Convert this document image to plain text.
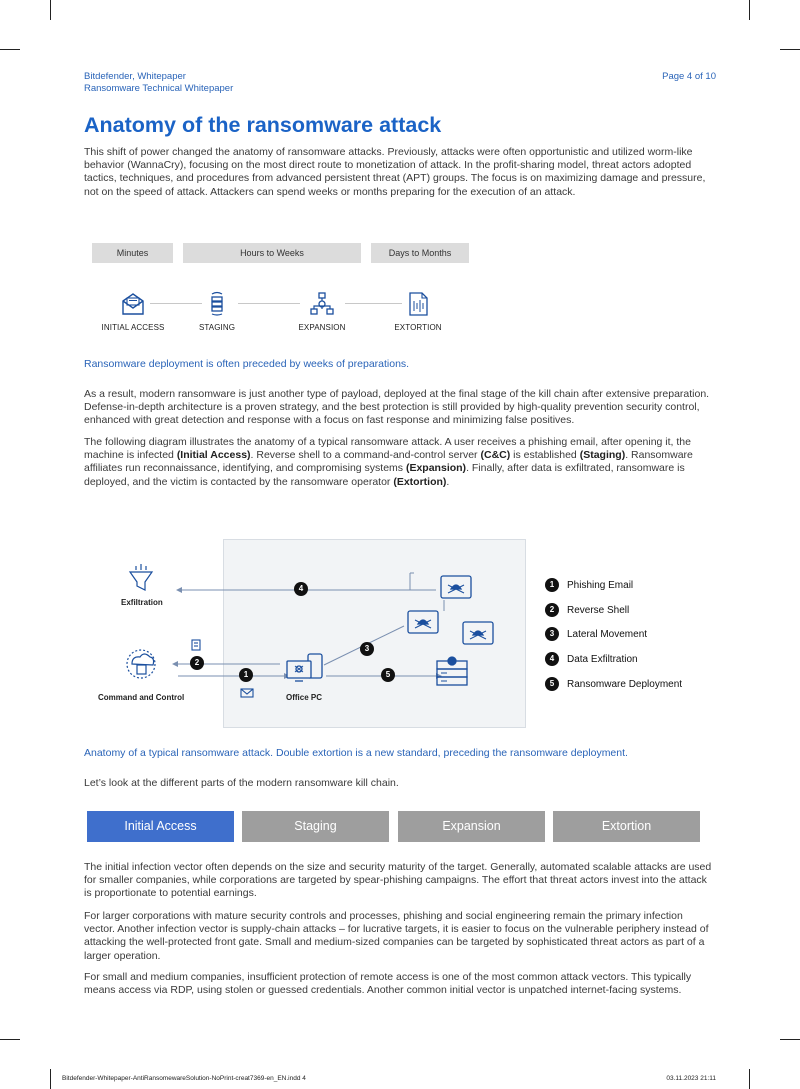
Bitdefender, Whitepaper
Ransomware Technical Whitepaper
Page 4 of 10
Anatomy of the ransomware attack

This shift of power changed the anatomy of ransomware attacks. Previously, attacks were often opportunistic and utilized worm-like behavior (WannaCry), focusing on the most direct route to monetization of attack. In the profit-sharing model, threat actors adopted tactics, techniques, and procedures from advanced persistent threat (APT) groups. The focus is on maximizing damage and pressure, not on the speed of attack. Attackers can spend weeks or months preparing for the execution of an attack.

Minutes	Hours to Weeks	Days to Months
INITIAL ACCESS	STAGING	EXPANSION	EXTORTION
Ransomware deployment is often preceded by weeks of preparations.

As a result, modern ransomware is just another type of payload, deployed at the final stage of the kill chain after extensive preparation. Defense-in-depth architecture is a proven strategy, and the best protection is still provided by high-quality prevention security control, enhanced with great detection and response with a focus on fast response and minimizing false positives.

The following diagram illustrates the anatomy of a typical ransomware attack. A user receives a phishing email, after opening it, the machine is infected (Initial Access). Reverse shell to a command-and-control server (C&C) is established (Staging). Ransomware affiliates run reconnaissance, identifying, and compromising systems (Expansion). Finally, after data is exfiltrated, ransomware is deployed, and the victim is contacted by the ransomware operator (Extortion).

Exfiltration
Command and Control	Office PC
1
2
3
4
5
1	Phishing Email
2	Reverse Shell
3	Lateral Movement
4	Data Exfiltration
5	Ransomware Deployment
Anatomy of a typical ransomware attack. Double extortion is a new standard, preceding the ransomware deployment.

Let’s look at the different parts of the modern ransomware kill chain.

Initial Access	Staging	Expansion	Extortion

The initial infection vector often depends on the size and security maturity of the target. Generally, automated scalable attacks are used for smaller companies, while corporations are targeted by spear-phishing campaigns. The effort that threat actors invest into the attack is proportionate to potential earnings.

For larger corporations with mature security controls and processes, phishing and social engineering remain the primary infection vector. Another infection vector is supply-chain attacks – for lucrative targets, it is easier to focus on the vulnerable periphery instead of attacking the well-protected front gate. Small and medium-sized companies can be targeted by sophisticated threat actors as part of a larger operation.

For small and medium companies, insufficient protection of remote access is one of the most common attack vectors. This typically means access via RDP, using stolen or guessed credentials. Another common initial vector is unpatched internet-facing systems.

Bitdefender-Whitepaper-AntiRansomewareSolution-NoPrint-creat7369-en_EN.indd 4	03.11.2023 21:11
